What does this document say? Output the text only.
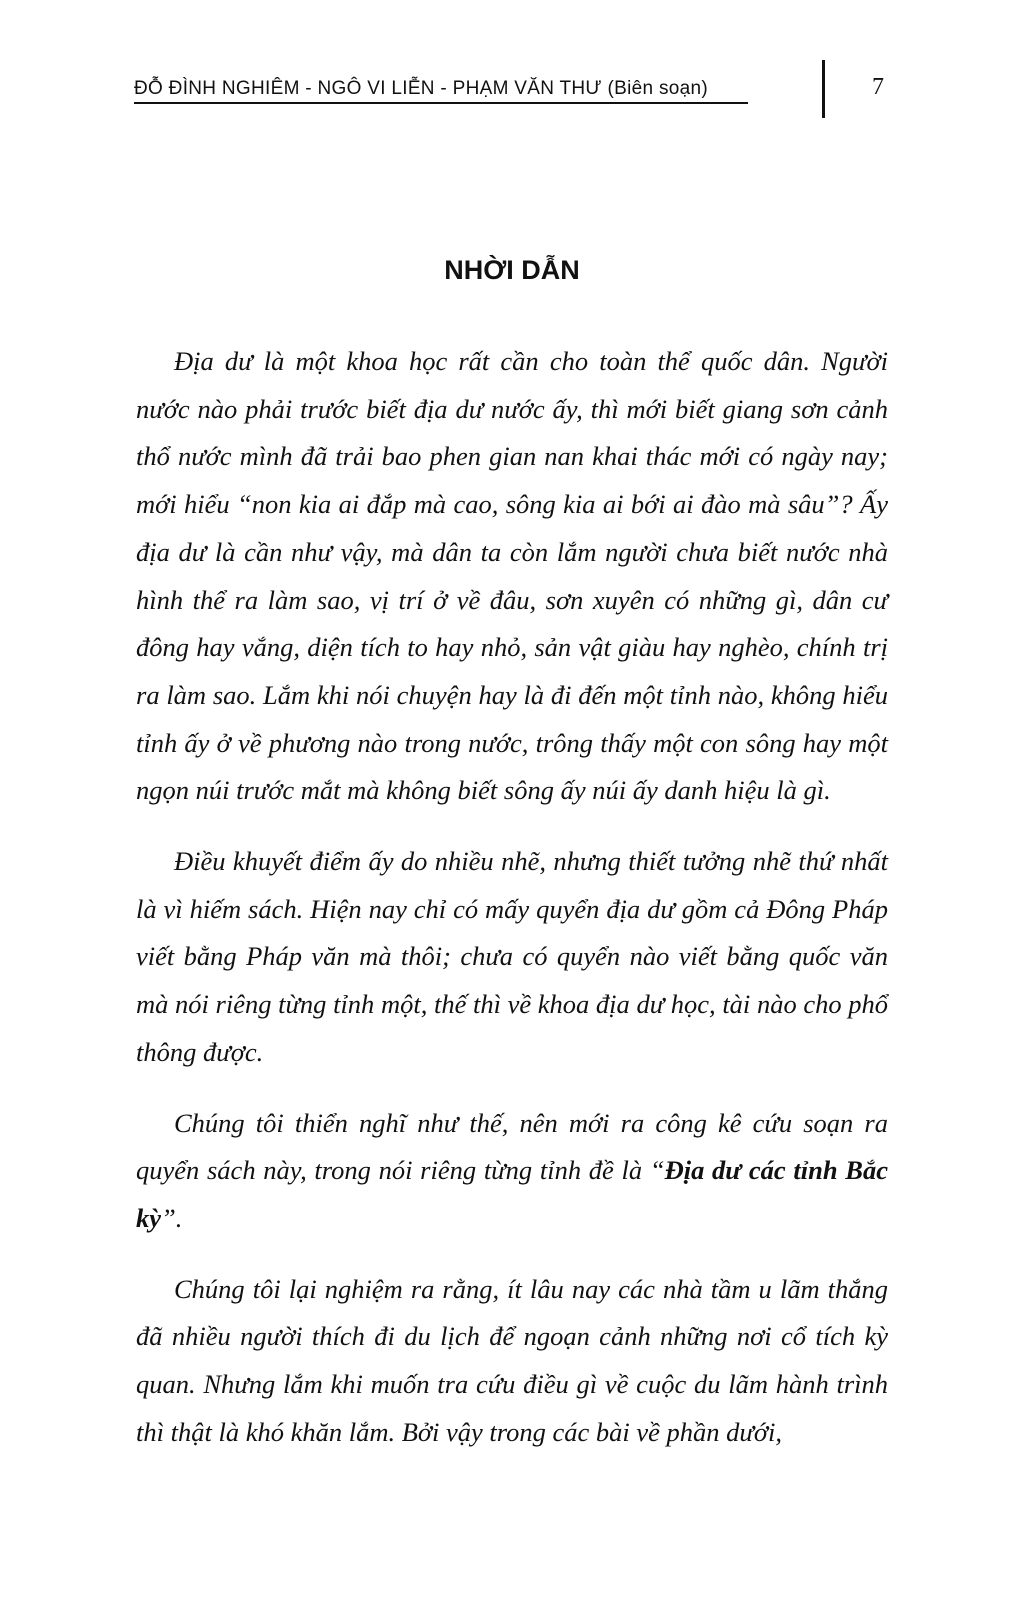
ĐỖ ĐÌNH NGHIÊM - NGÔ VI LIỄN - PHẠM VĂN THƯ (Biên soạn)	7
NHỜI DẪN

Địa dư là một khoa học rất cần cho toàn thể quốc dân. Người nước nào phải trước biết địa dư nước ấy, thì mới biết giang sơn cảnh thổ nước mình đã trải bao phen gian nan khai thác mới có ngày nay; mới hiểu “non kia ai đắp mà cao, sông kia ai bới ai đào mà sâu”? Ấy địa dư là cần như vậy, mà dân ta còn lắm người chưa biết nước nhà hình thể ra làm sao, vị trí ở về đâu, sơn xuyên có những gì, dân cư đông hay vắng, diện tích to hay nhỏ, sản vật giàu hay nghèo, chính trị ra làm sao. Lắm khi nói chuyện hay là đi đến một tỉnh nào, không hiểu tỉnh ấy ở về phương nào trong nước, trông thấy một con sông hay một ngọn núi trước mắt mà không biết sông ấy núi ấy danh hiệu là gì.

Điều khuyết điểm ấy do nhiều nhẽ, nhưng thiết tưởng nhẽ thứ nhất là vì hiếm sách. Hiện nay chỉ có mấy quyển địa dư gồm cả Đông Pháp viết bằng Pháp văn mà thôi; chưa có quyển nào viết bằng quốc văn mà nói riêng từng tỉnh một, thế thì về khoa địa dư học, tài nào cho phổ thông được.

Chúng tôi thiển nghĩ như thế, nên mới ra công kê cứu soạn ra quyển sách này, trong nói riêng từng tỉnh đề là “Địa dư các tỉnh Bắc kỳ”.

Chúng tôi lại nghiệm ra rằng, ít lâu nay các nhà tầm u lãm thắng đã nhiều người thích đi du lịch để ngoạn cảnh những nơi cổ tích kỳ quan. Nhưng lắm khi muốn tra cứu điều gì về cuộc du lãm hành trình thì thật là khó khăn lắm. Bởi vậy trong các bài về phần dưới,
